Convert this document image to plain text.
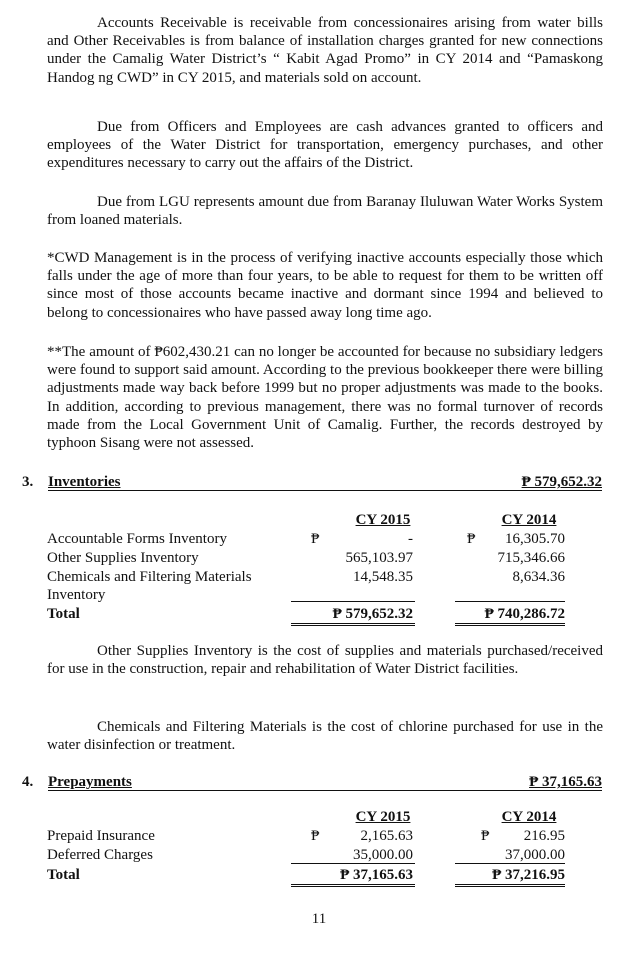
Accounts Receivable is receivable from concessionaires arising from water bills and Other Receivables is from balance of installation charges granted for new connections under the Camalig Water District’s “ Kabit Agad Promo” in CY 2014 and “Pamaskong Handog ng CWD” in CY 2015, and materials sold on account.

Due from Officers and Employees are cash advances granted to officers and employees of the Water District for transportation, emergency purchases, and other expenditures necessary to carry out the affairs of the District.

Due from LGU represents amount due from Baranay Iluluwan Water Works System from loaned materials.

*CWD Management is in the process of verifying inactive accounts especially those which falls under the age of more than four years, to be able to request for them to be written off since most of those accounts became inactive and dormant since 1994 and believed to belong to concessionaires who have passed away long time ago.

**The amount of ₱602,430.21 can no longer be accounted for because no subsidiary ledgers were found to support said amount. According to the previous bookkeeper there were billing adjustments made way back before 1999 but no proper adjustments was made to the books. In addition, according to previous management, there was no formal turnover of records made from the Local Government Unit of Camalig. Further, the records destroyed by typhoon Sisang were not assessed.

3. Inventories	₱ 579,652.32
CY 2015	CY 2014
Accountable Forms Inventory	₱	-	₱ 16,305.70
Other Supplies Inventory	565,103.97	715,346.66
Chemicals and Filtering Materials	14,548.35	8,634.36
Inventory
Total	₱ 579,652.32	₱ 740,286.72

Other Supplies Inventory is the cost of supplies and materials purchased/received for use in the construction, repair and rehabilitation of Water District facilities.

Chemicals and Filtering Materials is the cost of chlorine purchased for use in the water disinfection or treatment.

4. Prepayments	₱ 37,165.63
CY 2015	CY 2014
Prepaid Insurance	₱	2,165.63	₱ 216.95
Deferred Charges	35,000.00	37,000.00
Total	₱ 37,165.63	₱ 37,216.95
11
